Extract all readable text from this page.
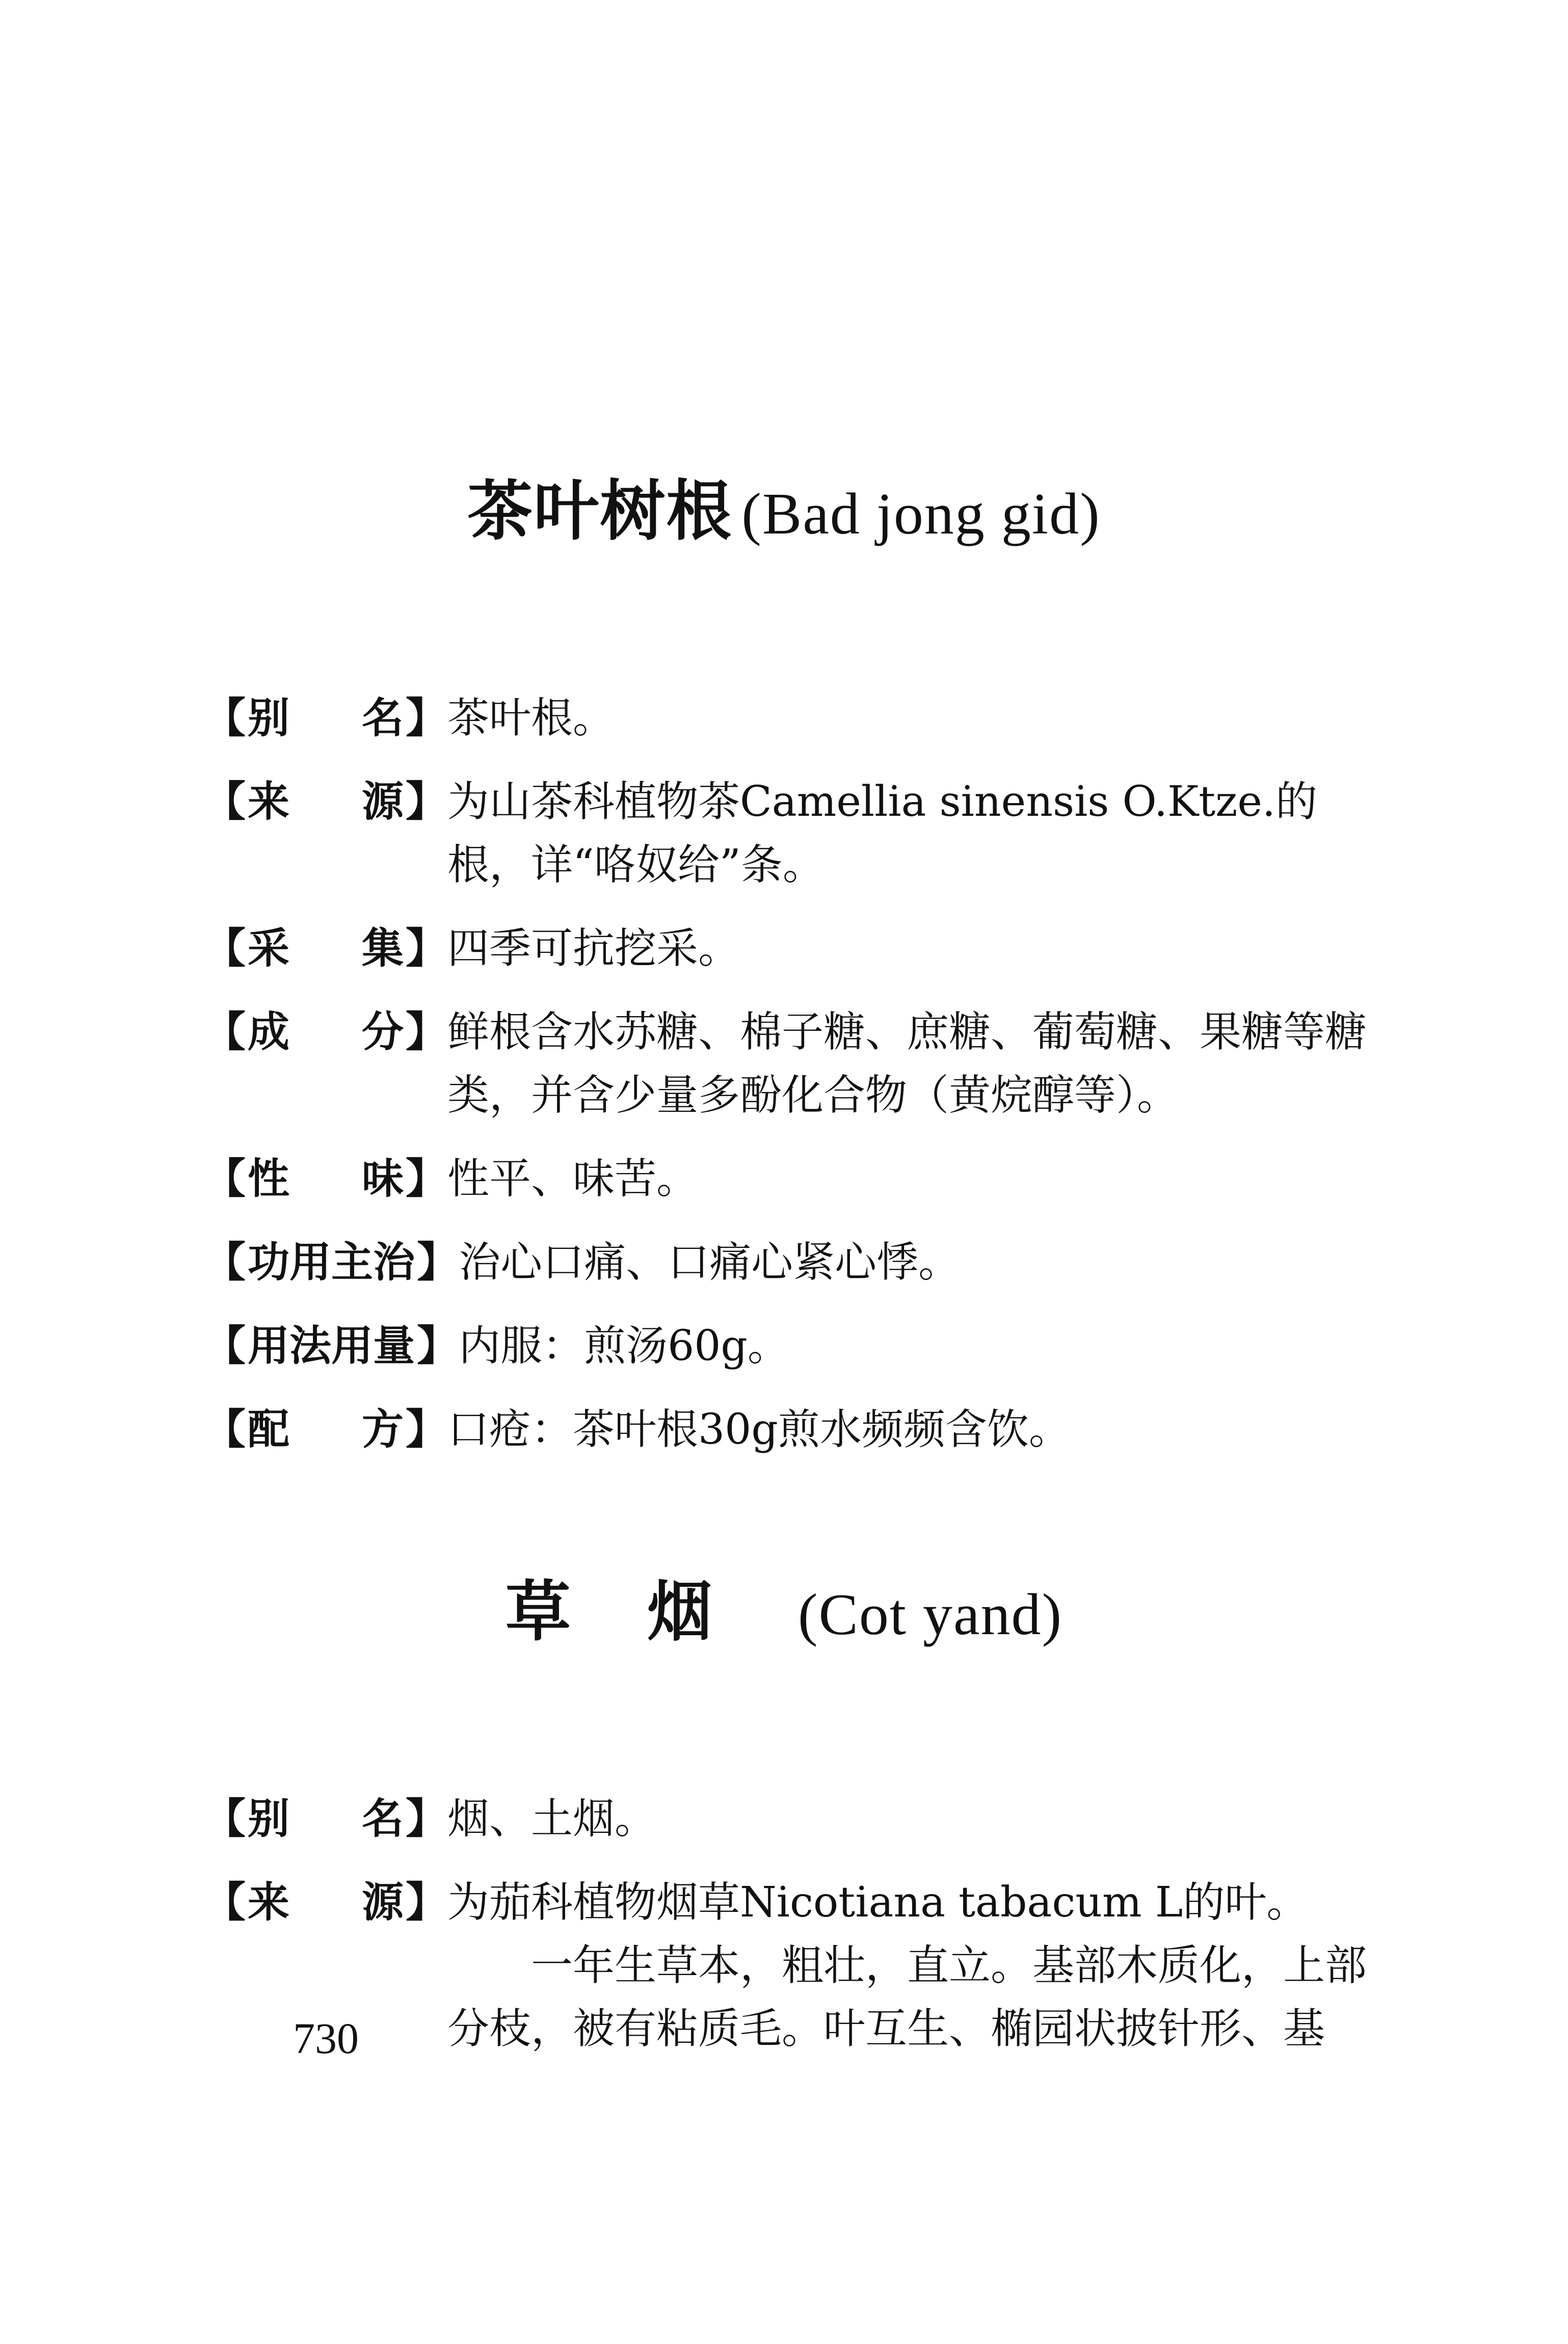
茶叶树根 (Bad jong gid)
【 别 名 】 茶叶根。

【 来 源 】 为山茶科植物茶Camellia sinensis O.Ktze.的

根，详“咯奴给”条。

【 采 集 】 四季可抗挖采。

【 成 分 】 鲜根含水苏糖、棉子糖、庶糖、葡萄糖、果糖等糖

类，并含少量多酚化合物（黄烷醇等）。

【 性 味 】 性平、味苦。

【 功 用 主 治 】 治心口痛、口痛心紧心悸。

【 用 法 用 量 】 内服：煎汤60g。

【 配 方 】 口疮：茶叶根30g煎水频频含饮。

草烟 (Cot yand)
【 别 名 】 烟、土烟。

【 来 源 】 为茄科植物烟草Nicotiana tabacum L的叶。

一年生草本，粗壮，直立。基部木质化，上部

分枝，被有粘质毛。叶互生、椭园状披针形、基

730
